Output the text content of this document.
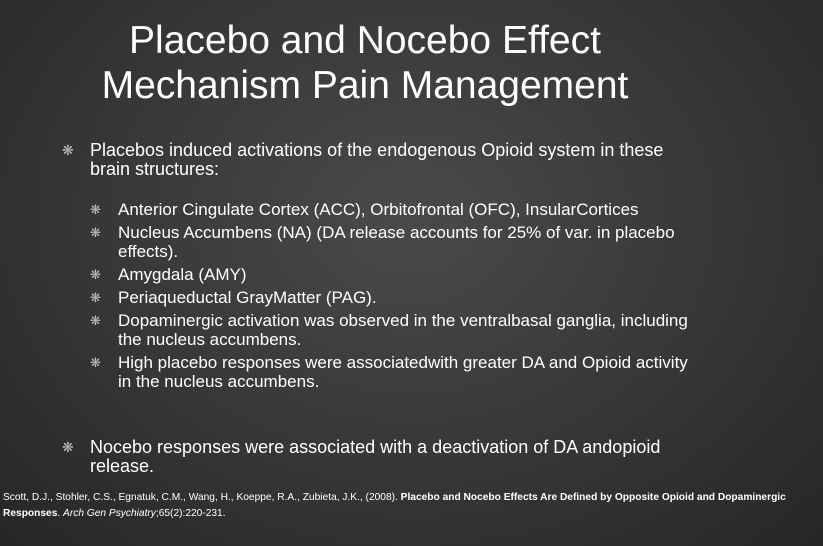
Placebo and Nocebo Effect
Mechanism Pain Management
❋ Placebos induced activations of the endogenous Opioid system in these brain structures:
❋	Anterior Cingulate Cortex (ACC), Orbitofrontal (OFC), InsularCortices
❋	Nucleus Accumbens (NA) (DA release accounts for 25% of var. in placebo effects).
❋	Amygdala (AMY)
❋	Periaqueductal GrayMatter (PAG).
❋	Dopaminergic activation was observed in the ventralbasal ganglia, including the nucleus accumbens.
❋	High placebo responses were associatedwith greater DA and Opioid activity in the nucleus accumbens.
❋ Nocebo responses were associated with a deactivation of DA andopioid release.
Scott, D.J., Stohler, C.S., Egnatuk, C.M., Wang, H., Koeppe, R.A., Zubieta, J.K., (2008). Placebo and Nocebo Effects Are Defined by Opposite Opioid and Dopaminergic Responses. Arch Gen Psychiatry;65(2):220-231.
